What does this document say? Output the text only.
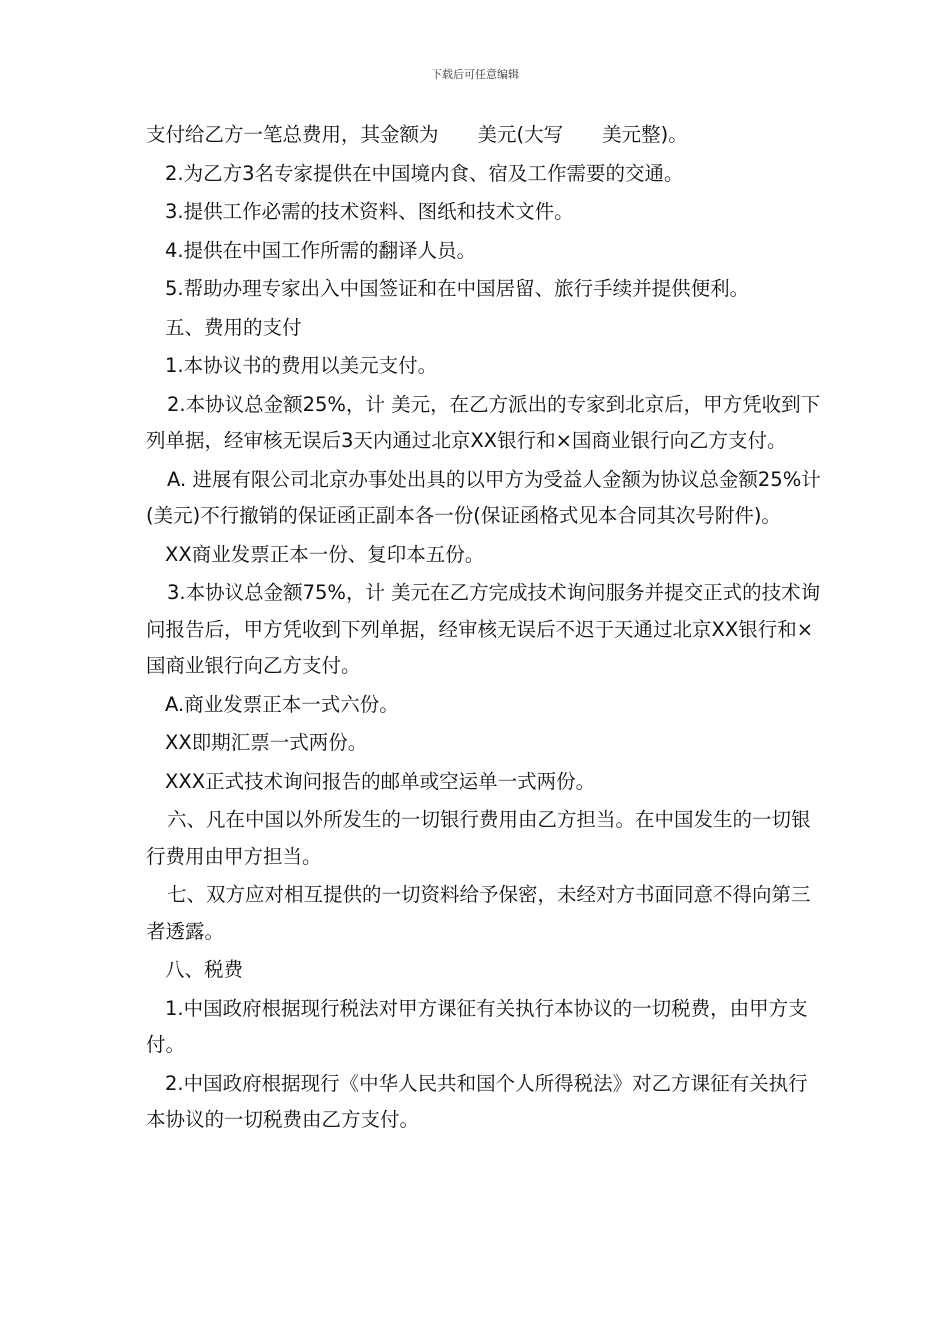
下载后可任意编辑

支付给乙方一笔总费用，其金额为　　美元(大写　　美元整)。

2.为乙方3名专家提供在中国境内食、宿及工作需要的交通。

3.提供工作必需的技术资料、图纸和技术文件。

4.提供在中国工作所需的翻译人员。

5.帮助办理专家出入中国签证和在中国居留、旅行手续并提供便利。

五、费用的支付

1.本协议书的费用以美元支付。

2.本协议总金额25%，计 美元，在乙方派出的专家到北京后，甲方凭收到下列单据，经审核无误后3天内通过北京XX银行和×国商业银行向乙方支付。

A. 进展有限公司北京办事处出具的以甲方为受益人金额为协议总金额25%计(美元)不行撤销的保证函正副本各一份(保证函格式见本合同其次号附件)。

XX商业发票正本一份、复印本五份。

3.本协议总金额75%，计 美元在乙方完成技术询问服务并提交正式的技术询问报告后，甲方凭收到下列单据，经审核无误后不迟于天通过北京XX银行和×国商业银行向乙方支付。

A.商业发票正本一式六份。

XX即期汇票一式两份。

XXX正式技术询问报告的邮单或空运单一式两份。

六、凡在中国以外所发生的一切银行费用由乙方担当。在中国发生的一切银行费用由甲方担当。

七、双方应对相互提供的一切资料给予保密，未经对方书面同意不得向第三者透露。

八、税费

1.中国政府根据现行税法对甲方课征有关执行本协议的一切税费，由甲方支付。

2.中国政府根据现行《中华人民共和国个人所得税法》对乙方课征有关执行本协议的一切税费由乙方支付。
